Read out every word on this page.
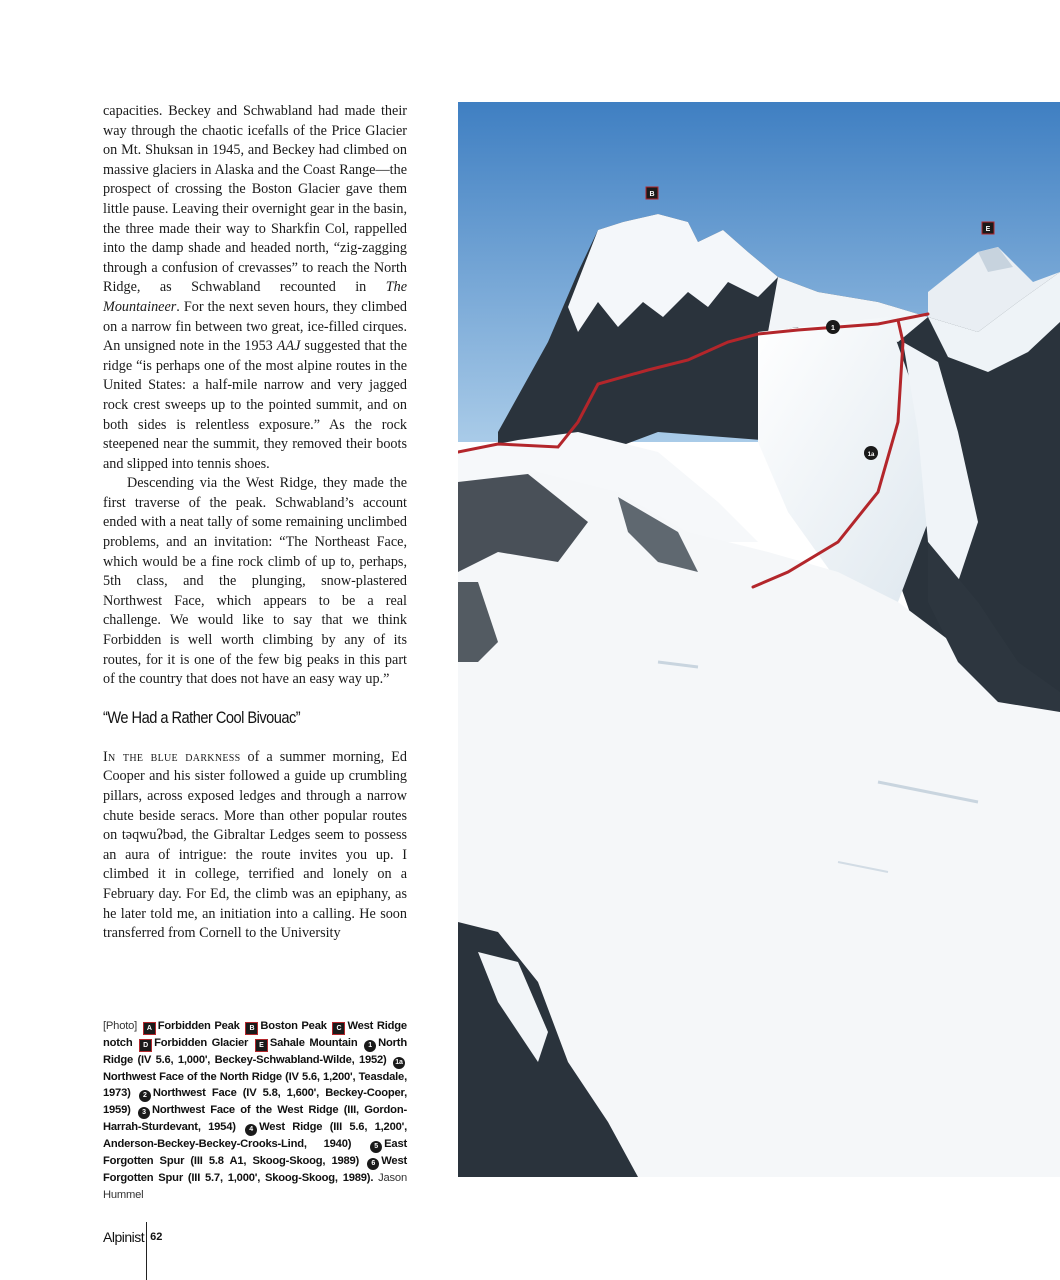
capacities. Beckey and Schwabland had made their way through the chaotic icefalls of the Price Glacier on Mt. Shuksan in 1945, and Beckey had climbed on massive glaciers in Alaska and the Coast Range—the prospect of crossing the Boston Glacier gave them little pause. Leaving their overnight gear in the basin, the three made their way to Sharkfin Col, rappelled into the damp shade and headed north, “zig-zagging through a confusion of crevasses” to reach the North Ridge, as Schwabland recounted in The Mountaineer. For the next seven hours, they climbed on a narrow fin between two great, ice-filled cirques. An unsigned note in the 1953 AAJ suggested that the ridge “is perhaps one of the most alpine routes in the United States: a half-mile narrow and very jagged rock crest sweeps up to the pointed summit, and on both sides is relentless exposure.” As the rock steepened near the summit, they removed their boots and slipped into tennis shoes.

Descending via the West Ridge, they made the first traverse of the peak. Schwabland’s account ended with a neat tally of some remaining unclimbed problems, and an invitation: “The Northeast Face, which would be a fine rock climb of up to, perhaps, 5th class, and the plunging, snow-plastered Northwest Face, which appears to be a real challenge. We would like to say that we think Forbidden is well worth climbing by any of its routes, for it is one of the few big peaks in this part of the country that does not have an easy way up.”

“We Had a Rather Cool Bivouac”

In the blue darkness of a summer morning, Ed Cooper and his sister followed a guide up crumbling pillars, across exposed ledges and through a narrow chute beside seracs. More than other popular routes on təqwuʔbəd, the Gibraltar Ledges seem to possess an aura of intrigue: the route invites you up. I climbed it in college, terrified and lonely on a February day. For Ed, the climb was an epiphany, as he later told me, an initiation into a calling. He soon transferred from Cornell to the University

[Photo] A Forbidden Peak B Boston Peak C West Ridge notch D Forbidden Glacier E Sahale Mountain 1 North Ridge (IV 5.6, 1,000', Beckey-Schwabland-Wilde, 1952) 1aNorthwest Face of the North Ridge (IV 5.6, 1,200', Teasdale, 1973) 2 Northwest Face (IV 5.8, 1,600', Beckey-Cooper, 1959) 3 Northwest Face of the West Ridge (III, Gordon-Harrah-Sturdevant, 1954) 4 West Ridge (III 5.6, 1,200', Anderson-Beckey-Beckey-Crooks-Lind, 1940)	5 East Forgotten Spur (III 5.8 A1, Skoog-Skoog, 1989) 6 West Forgotten Spur (III 5.7, 1,000', Skoog-Skoog, 1989). Jason Hummel
B
E
1
1a
Alpinist 62
